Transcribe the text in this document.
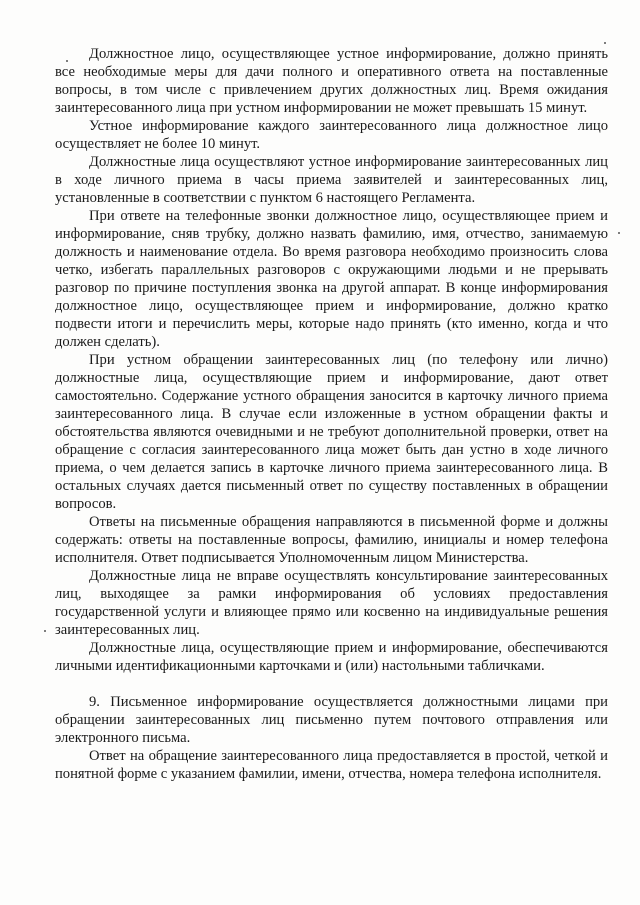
Должностное лицо, осуществляющее устное информирование, должно принять все необходимые меры для дачи полного и оперативного ответа на поставленные вопросы, в том числе с привлечением других должностных лиц. Время ожидания заинтересованного лица при устном информировании не может превышать 15 минут.

Устное информирование каждого заинтересованного лица должностное лицо осуществляет не более 10 минут.

Должностные лица осуществляют устное информирование заинтересованных лиц в ходе личного приема в часы приема заявителей и заинтересованных лиц, установленные в соответствии с пунктом 6 настоящего Регламента.

При ответе на телефонные звонки должностное лицо, осуществляющее прием и информирование, сняв трубку, должно назвать фамилию, имя, отчество, занимаемую должность и наименование отдела. Во время разговора необходимо произносить слова четко, избегать параллельных разговоров с окружающими людьми и не прерывать разговор по причине поступления звонка на другой аппарат. В конце информирования должностное лицо, осуществляющее прием и информирование, должно кратко подвести итоги и перечислить меры, которые надо принять (кто именно, когда и что должен сделать).

При устном обращении заинтересованных лиц (по телефону или лично) должностные лица, осуществляющие прием и информирование, дают ответ самостоятельно. Содержание устного обращения заносится в карточку личного приема заинтересованного лица. В случае если изложенные в устном обращении факты и обстоятельства являются очевидными и не требуют дополнительной проверки, ответ на обращение с согласия заинтересованного лица может быть дан устно в ходе личного приема, о чем делается запись в карточке личного приема заинтересованного лица. В остальных случаях дается письменный ответ по существу поставленных в обращении вопросов.

Ответы на письменные обращения направляются в письменной форме и должны содержать: ответы на поставленные вопросы, фамилию, инициалы и номер телефона исполнителя. Ответ подписывается Уполномоченным лицом Министерства.

Должностные лица не вправе осуществлять консультирование заинтересованных лиц, выходящее за рамки информирования об условиях предоставления государственной услуги и влияющее прямо или косвенно на индивидуальные решения заинтересованных лиц.

Должностные лица, осуществляющие прием и информирование, обеспечиваются личными идентификационными карточками и (или) настольными табличками.

9. Письменное информирование осуществляется должностными лицами при обращении заинтересованных лиц письменно путем почтового отправления или электронного письма.

Ответ на обращение заинтересованного лица предоставляется в простой, четкой и понятной форме с указанием фамилии, имени, отчества, номера телефона исполнителя.
